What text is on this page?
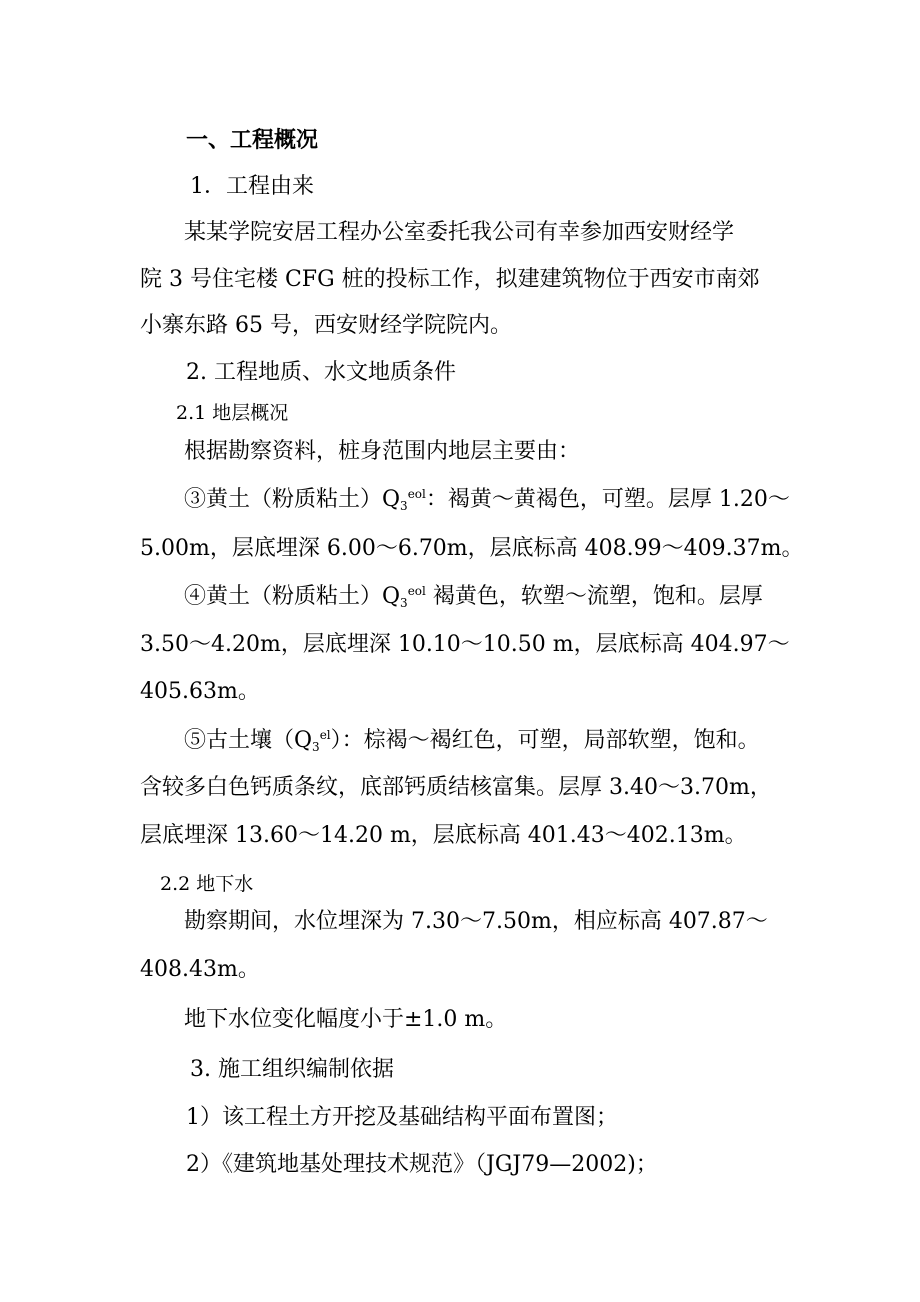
一、工程概况
1．工程由来
某某学院安居工程办公室委托我公司有幸参加西安财经学
院 3 号住宅楼 CFG 桩的投标工作，拟建建筑物位于西安市南郊
小寨东路 65 号，西安财经学院院内。
2. 工程地质、水文地质条件
2.1 地层概况
根据勘察资料，桩身范围内地层主要由：
③黄土（粉质粘土）$Q_3^{eol}$：褐黄～黄褐色，可塑。层厚 1.20～
5.00m，层底埋深 6.00～6.70m，层底标高 408.99～409.37m。
④黄土（粉质粘土）$Q_3^{eol}$ 褐黄色，软塑～流塑，饱和。层厚
3.50～4.20m，层底埋深 10.10～10.50 m，层底标高 404.97～
405.63m。
⑤古土壤$(Q_3^{el})$：棕褐～褐红色，可塑，局部软塑，饱和。
含较多白色钙质条纹，底部钙质结核富集。层厚 3.40～3.70m，
层底埋深 13.60～14.20 m，层底标高 401.43～402.13m。
2.2 地下水
勘察期间，水位埋深为 7.30～7.50m，相应标高 407.87～
408.43m。
地下水位变化幅度小于±1.0 m。
3. 施工组织编制依据
1）该工程土方开挖及基础结构平面布置图；
2）《建筑地基处理技术规范》（JGJ79—2002)；
